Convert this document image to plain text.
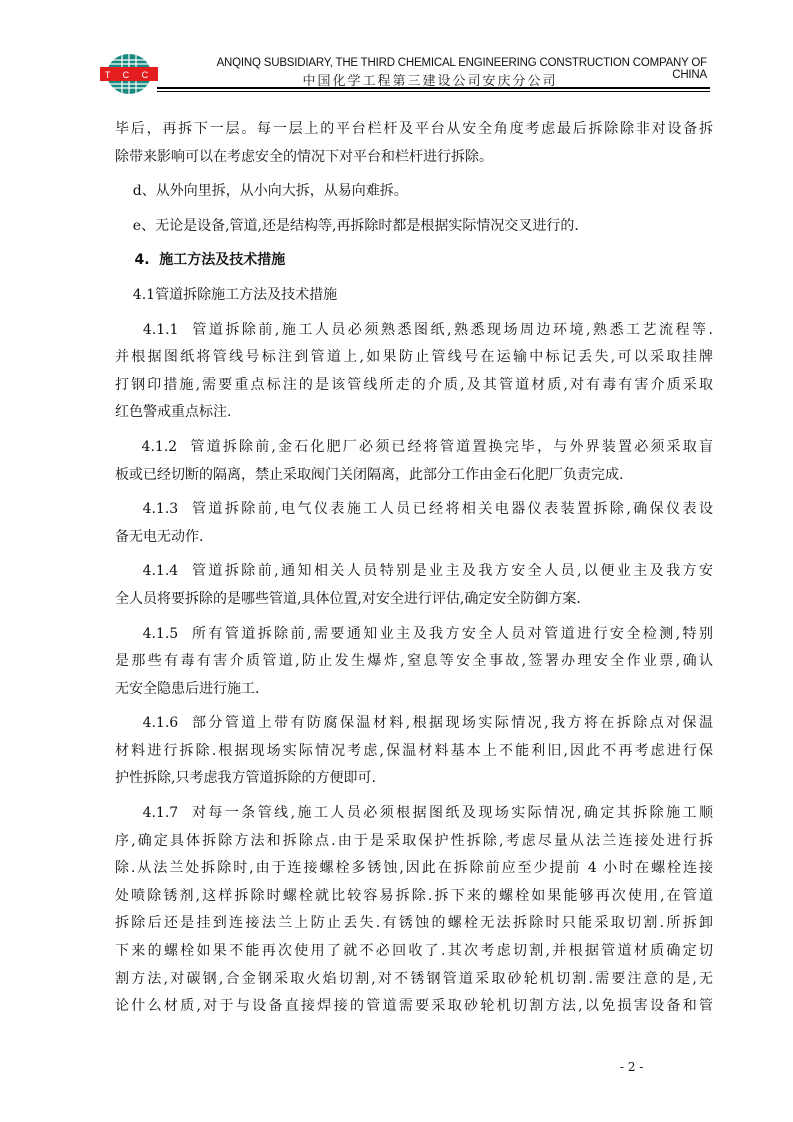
T C C
ANQINQ SUBSIDIARY, THE THIRD CHEMICAL ENGINEERING CONSTRUCTION COMPANY OF CHINA
中国化学工程第三建设公司安庆分公司
毕后，再拆下一层。每一层上的平台栏杆及平台从安全角度考虑最后拆除除非对设备拆
除带来影响可以在考虑安全的情况下对平台和栏杆进行拆除。
d、从外向里拆，从小向大拆，从易向难拆。
e、无论是设备,管道,还是结构等,再拆除时都是根据实际情况交叉进行的.
4.  施工方法及技术措施
4.1管道拆除施工方法及技术措施
4.1.1  管道拆除前,施工人员必须熟悉图纸,熟悉现场周边环境,熟悉工艺流程等.
并根据图纸将管线号标注到管道上,如果防止管线号在运输中标记丢失,可以采取挂牌
打钢印措施,需要重点标注的是该管线所走的介质,及其管道材质,对有毒有害介质采取
红色警戒重点标注.
4.1.2  管道拆除前,金石化肥厂必须已经将管道置换完毕，与外界装置必须采取盲
板或已经切断的隔离，禁止采取阀门关闭隔离，此部分工作由金石化肥厂负责完成.
4.1.3  管道拆除前,电气仪表施工人员已经将相关电器仪表装置拆除,确保仪表设
备无电无动作.
4.1.4  管道拆除前,通知相关人员特别是业主及我方安全人员,以便业主及我方安
全人员将要拆除的是哪些管道,具体位置,对安全进行评估,确定安全防御方案.
4.1.5  所有管道拆除前,需要通知业主及我方安全人员对管道进行安全检测,特别
是那些有毒有害介质管道,防止发生爆炸,窒息等安全事故,签署办理安全作业票,确认
无安全隐患后进行施工.
4.1.6  部分管道上带有防腐保温材料,根据现场实际情况,我方将在拆除点对保温
材料进行拆除.根据现场实际情况考虑,保温材料基本上不能利旧,因此不再考虑进行保
护性拆除,只考虑我方管道拆除的方便即可.
4.1.7  对每一条管线,施工人员必须根据图纸及现场实际情况,确定其拆除施工顺
序,确定具体拆除方法和拆除点.由于是采取保护性拆除,考虑尽量从法兰连接处进行拆
除.从法兰处拆除时,由于连接螺栓多锈蚀,因此在拆除前应至少提前 4 小时在螺栓连接
处喷除锈剂,这样拆除时螺栓就比较容易拆除.拆下来的螺栓如果能够再次使用,在管道
拆除后还是挂到连接法兰上防止丢失.有锈蚀的螺栓无法拆除时只能采取切割.所拆卸
下来的螺栓如果不能再次使用了就不必回收了.其次考虑切割,并根据管道材质确定切
割方法,对碳钢,合金钢采取火焰切割,对不锈钢管道采取砂轮机切割.需要注意的是,无
论什么材质,对于与设备直接焊接的管道需要采取砂轮机切割方法,以免损害设备和管
- 2 -
